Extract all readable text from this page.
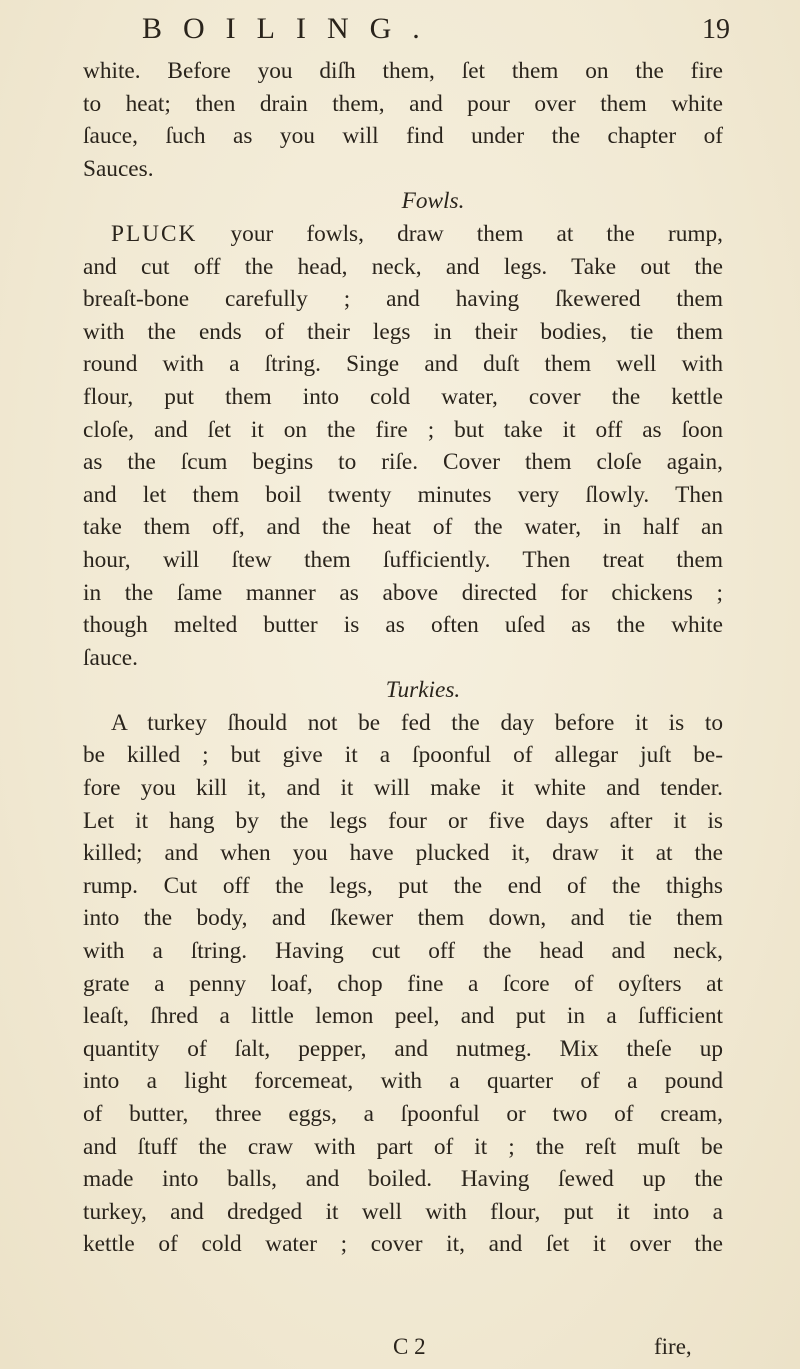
BOILING.	19
white. Before you diſh them, ſet them on the fire
to heat; then drain them, and pour over them white
ſauce, ſuch as you will find under the chapter of
Sauces.
Fowls.
PLUCK your fowls, draw them at the rump,
and cut off the head, neck, and legs. Take out the
breaſt-bone carefully ; and having ſkewered them
with the ends of their legs in their bodies, tie them
round with a ſtring. Singe and duſt them well with
flour, put them into cold water, cover the kettle
cloſe, and ſet it on the fire ; but take it off as ſoon
as the ſcum begins to riſe. Cover them cloſe again,
and let them boil twenty minutes very ſlowly. Then
take them off, and the heat of the water, in half an
hour, will ſtew them ſufficiently. Then treat them
in the ſame manner as above directed for chickens ;
though melted butter is as often uſed as the white
ſauce.
Turkies.
A turkey ſhould not be fed the day before it is to
be killed ; but give it a ſpoonful of allegar juſt be-
fore you kill it, and it will make it white and tender.
Let it hang by the legs four or five days after it is
killed; and when you have plucked it, draw it at the
rump. Cut off the legs, put the end of the thighs
into the body, and ſkewer them down, and tie them
with a ſtring. Having cut off the head and neck,
grate a penny loaf, chop fine a ſcore of oyſters at
leaſt, ſhred a little lemon peel, and put in a ſufficient
quantity of ſalt, pepper, and nutmeg. Mix theſe up
into a light forcemeat, with a quarter of a pound
of butter, three eggs, a ſpoonful or two of cream,
and ſtuff the craw with part of it ; the reſt muſt be
made into balls, and boiled. Having ſewed up the
turkey, and dredged it well with flour, put it into a
kettle of cold water ; cover it, and ſet it over the
C 2	fire,
